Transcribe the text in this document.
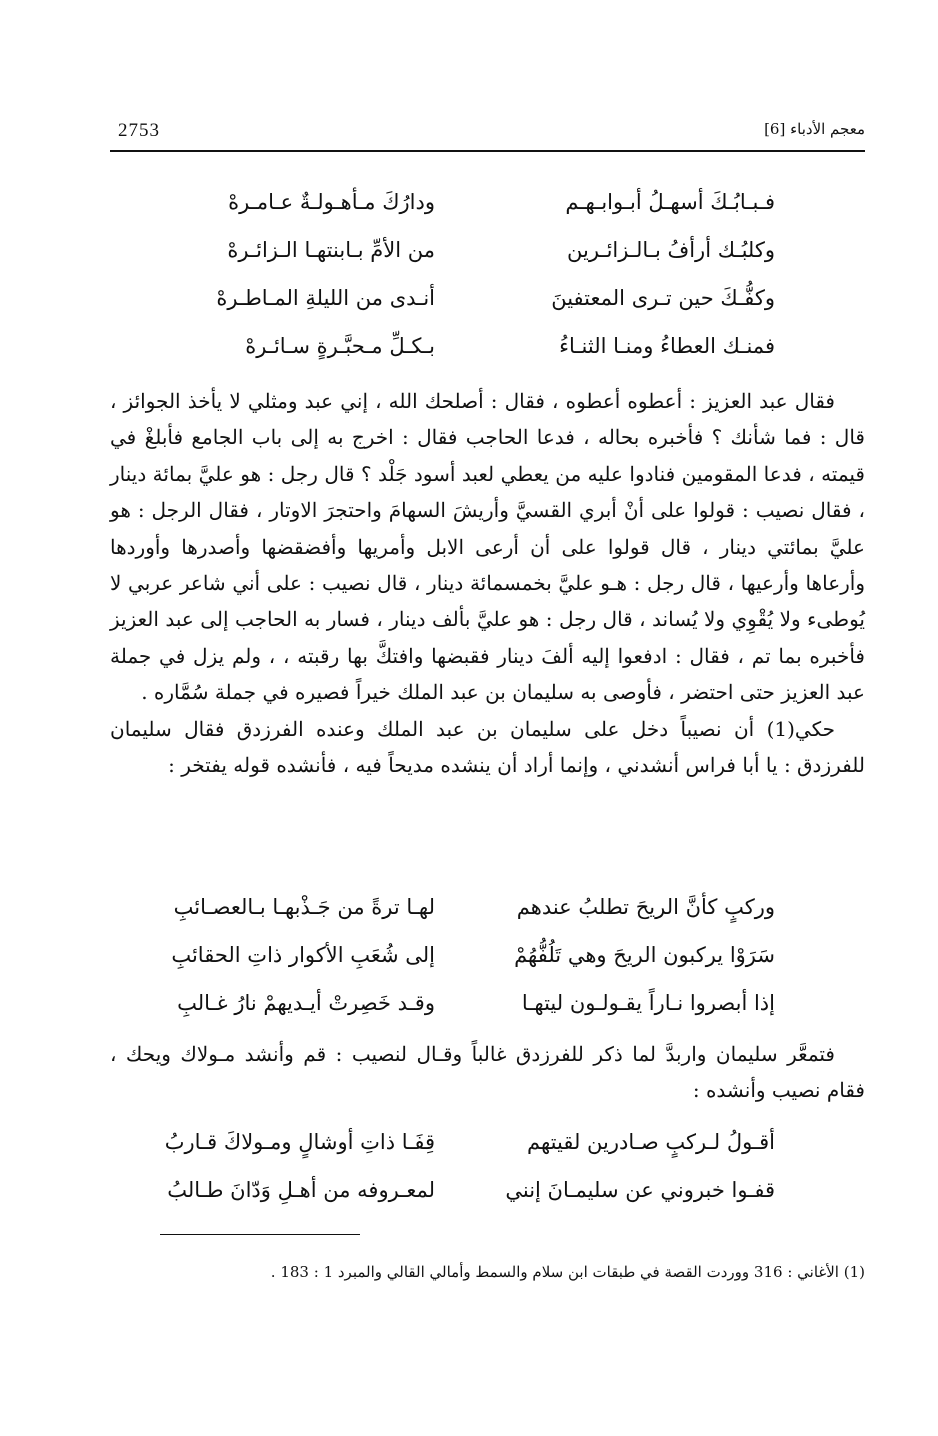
2753	معجم الأدباء [6]
فـبـابُـكَ أسهـلُ أبـوابـهـم
ودارُكَ مـأهـولـةٌ عـامـرهْ
وكلبُـك أرأفُ بـالـزائـرين
من الأمِّ بـابنتهـا الـزائـرهْ
وكفُّـكَ حين تـرى المعتفينَ
أنـدى من الليلةِ المـاطـرهْ
فمنـك العطاءُ ومنـا الثنـاءُ
بـكـلِّ مـحبَّـرةٍ سـائـرهْ

فقال عبد العزيز : أعطوه أعطوه ، فقال : أصلحك الله ، إني عبد ومثلي لا يأخذ الجوائز ، قال : فما شأنك ؟ فأخبره بحاله ، فدعا الحاجب فقال : اخرج به إلى باب الجامع فأبلغْ في قيمته ، فدعا المقومين فنادوا عليه من يعطي لعبد أسود جَلْد ؟ قال رجل : هو عليَّ بمائة دينار ، فقال نصيب : قولوا على أنْ أبري القسيَّ وأريشَ السهامَ واحتجرَ الاوتار ، فقال الرجل : هو عليَّ بمائتي دينار ، قال قولوا على أن أرعى الابل وأمريها وأفضقضها وأصدرها وأوردها وأرعاها وأرعيها ، قال رجل : هـو عليَّ بخمسمائة دينار ، قال نصيب : على أني شاعر عربي لا يُوطىء ولا يُقْوِي ولا يُساند ، قال رجل : هو عليَّ بألف دينار ، فسار به الحاجب إلى عبد العزيز فأخبره بما تم ، فقال : ادفعوا إليه ألفَ دينار فقبضها وافتكَّ بها رقبته ، ، ولم يزل في جملة عبد العزيز حتى احتضر ، فأوصى به سليمان بن عبد الملك خيراً فصيره في جملة سُمَّاره .

حكي(1) أن نصيباً دخل على سليمان بن عبد الملك وعنده الفرزدق فقال سليمان للفرزدق : يا أبا فراس أنشدني ، وإنما أراد أن ينشده مديحاً فيه ، فأنشده قوله يفتخر :

وركبٍ كأنَّ الريحَ تطلبُ عندهم
لهـا ترةً من جَـذْبهـا بـالعصـائبِ
سَرَوْا يركبون الريحَ وهي تَلُفُّهُمْ
إلى شُعَبِ الأكوار ذاتِ الحقائبِ
إذا أبصروا نـاراً يقـولـون ليتهـا
وقـد خَصِرتْ أيـديهمْ نارُ غـالبِ

فتمعَّر سليمان واربدَّ لما ذكر للفرزدق غالباً وقـال لنصيب : قم وأنشد مـولاك ويحك ، فقام نصيب وأنشده :

أقـولُ لـركبٍ صـادرين لقيتهم
قِفَـا ذاتِ أوشالٍ ومـولاكَ قـاربُ
قفـوا خبروني عن سليمـانَ إنني
لمعـروفه من أهـلِ وَدّانَ طـالبُ
(1) الأغاني : 316 ووردت القصة في طبقات ابن سلام والسمط وأمالي القالي والمبرد 1 : 183 .
